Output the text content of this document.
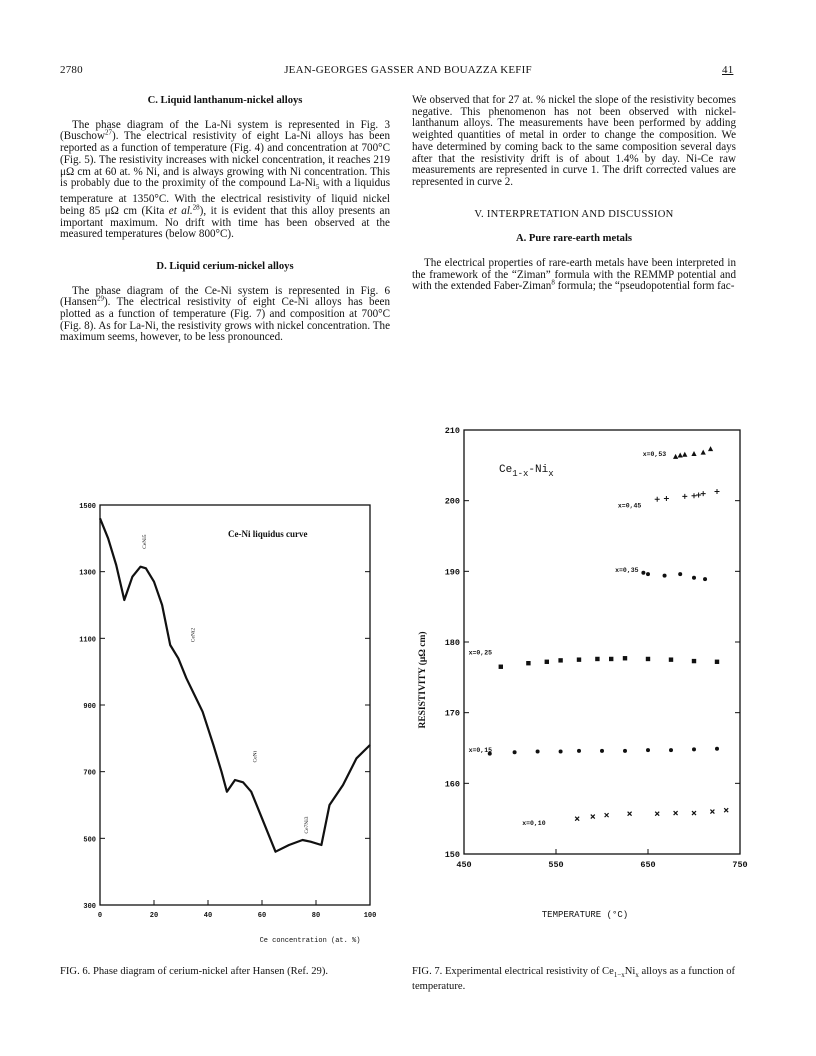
2780	JEAN-GEORGES GASSER AND BOUAZZA KEFIF	41
C. Liquid lanthanum-nickel alloys

The phase diagram of the La-Ni system is represented in Fig. 3 (Buschow$^{27}$). The electrical resistivity of eight La-Ni alloys has been reported as a function of temperature (Fig. 4) and concentration at 700°C (Fig. 5). The resistivity increases with nickel concentration, it reaches 219 μΩ cm at 60 at. % Ni, and is always growing with Ni concentration. This is probably due to the proximity of the compound $La-Ni_5$ with a liquidus temperature at 1350°C. With the electrical resistivity of liquid nickel being 85 μΩ cm (Kita et al.$^{28}$), it is evident that this alloy presents an important maximum. No drift with time has been observed at the measured temperatures (below 800°C).

D. Liquid cerium-nickel alloys

The phase diagram of the Ce-Ni system is represented in Fig. 6 (Hansen$^{29}$). The electrical resistivity of eight Ce-Ni alloys has been plotted as a function of temperature (Fig. 7) and composition at 700°C (Fig. 8). As for La-Ni, the resistivity grows with nickel concentration. The maximum seems, however, to be less pronounced.

We observed that for 27 at. % nickel the slope of the resistivity becomes negative. This phenomenon has not been observed with nickel-lanthanum alloys. The measurements have been performed by adding weighted quantities of metal in order to change the composition. We have determined by coming back to the same composition several days after that the resistivity drift is of about 1.4% by day. Ni-Ce raw measurements are represented in curve 1. The drift corrected values are represented in curve 2.

V. INTERPRETATION AND DISCUSSION
A. Pure rare-earth metals

The electrical properties of rare-earth metals have been interpreted in the framework of the “Ziman” formula with the REMMP potential and with the extended Faber-Ziman$^8$ formula; the “pseudopotential form fac-

0	20	40	60	80	100
300
500
700
900
1100
1300
1500
CeNi5
CeNi2
CeNi
Ce7Ni3
Ce-Ni liquidus curve
Ce concentration (at. %)
150
160
170
180
190
200
210
450	550	650	750
x=0,53
x=0,45
x=0,35
x=0,25
x=0,15
x=0,10
$Ce_{1-x}-Ni_x$
TEMPERATURE (°C)
RESISTIVITY (μΩ cm)
FIG. 6. Phase diagram of cerium-nickel after Hansen (Ref. 29).	FIG. 7. Experimental electrical resistivity of $Ce_{1-x}Ni_x$ alloys as a function of temperature.
